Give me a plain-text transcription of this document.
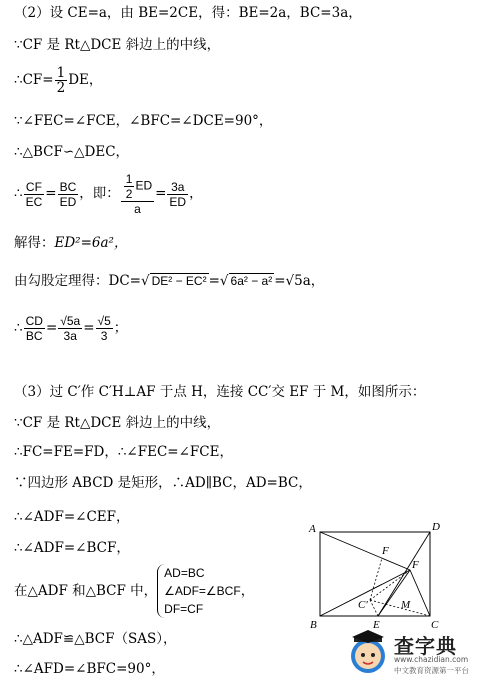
（2）设 CE=a，由 BE=2CE，得：BE=2a，BC=3a，
∵CF 是 Rt△DCE 斜边上的中线，
∴CF= $\frac{1}{2}$ DE，
∵∠FEC=∠FCE，∠BFC=∠DCE=90°，
∴△BCF∽△DEC，
∴ $\frac{CF}{EC} = \frac{BC}{ED}$ ，即： $\frac{\frac{1}{2} ED}{a} = \frac{3a}{ED}$ ，
解得：ED²=6a²，
由勾股定理得：DC=√ DE² − EC² =√ 6a² − a² =√5a，
∴ $\frac{CD}{BC} = \frac{√5a}{3a} = \frac{√5}{3}$ ；
（3）过 C′作 C′H⊥AF 于点 H，连接 CC′交 EF 于 M，如图所示：
∵CF 是 Rt△DCE 斜边上的中线，
∴FC=FE=FD，∴∠FEC=∠FCE，
∵四边形 ABCD 是矩形，∴AD∥BC，AD=BC，
∴∠ADF=∠CEF，
∴∠ADF=∠BCF，
在△ADF 和△BCF 中，
AD=BC
∠ADF=∠BCF
DF=CF
，
∴△ADF≌△BCF（SAS），
∴∠AFD=∠BFC=90°，
A	D
F
F
C′	M
B	E	C
查字典
www.chazidian.com
中文教育资源第一平台
